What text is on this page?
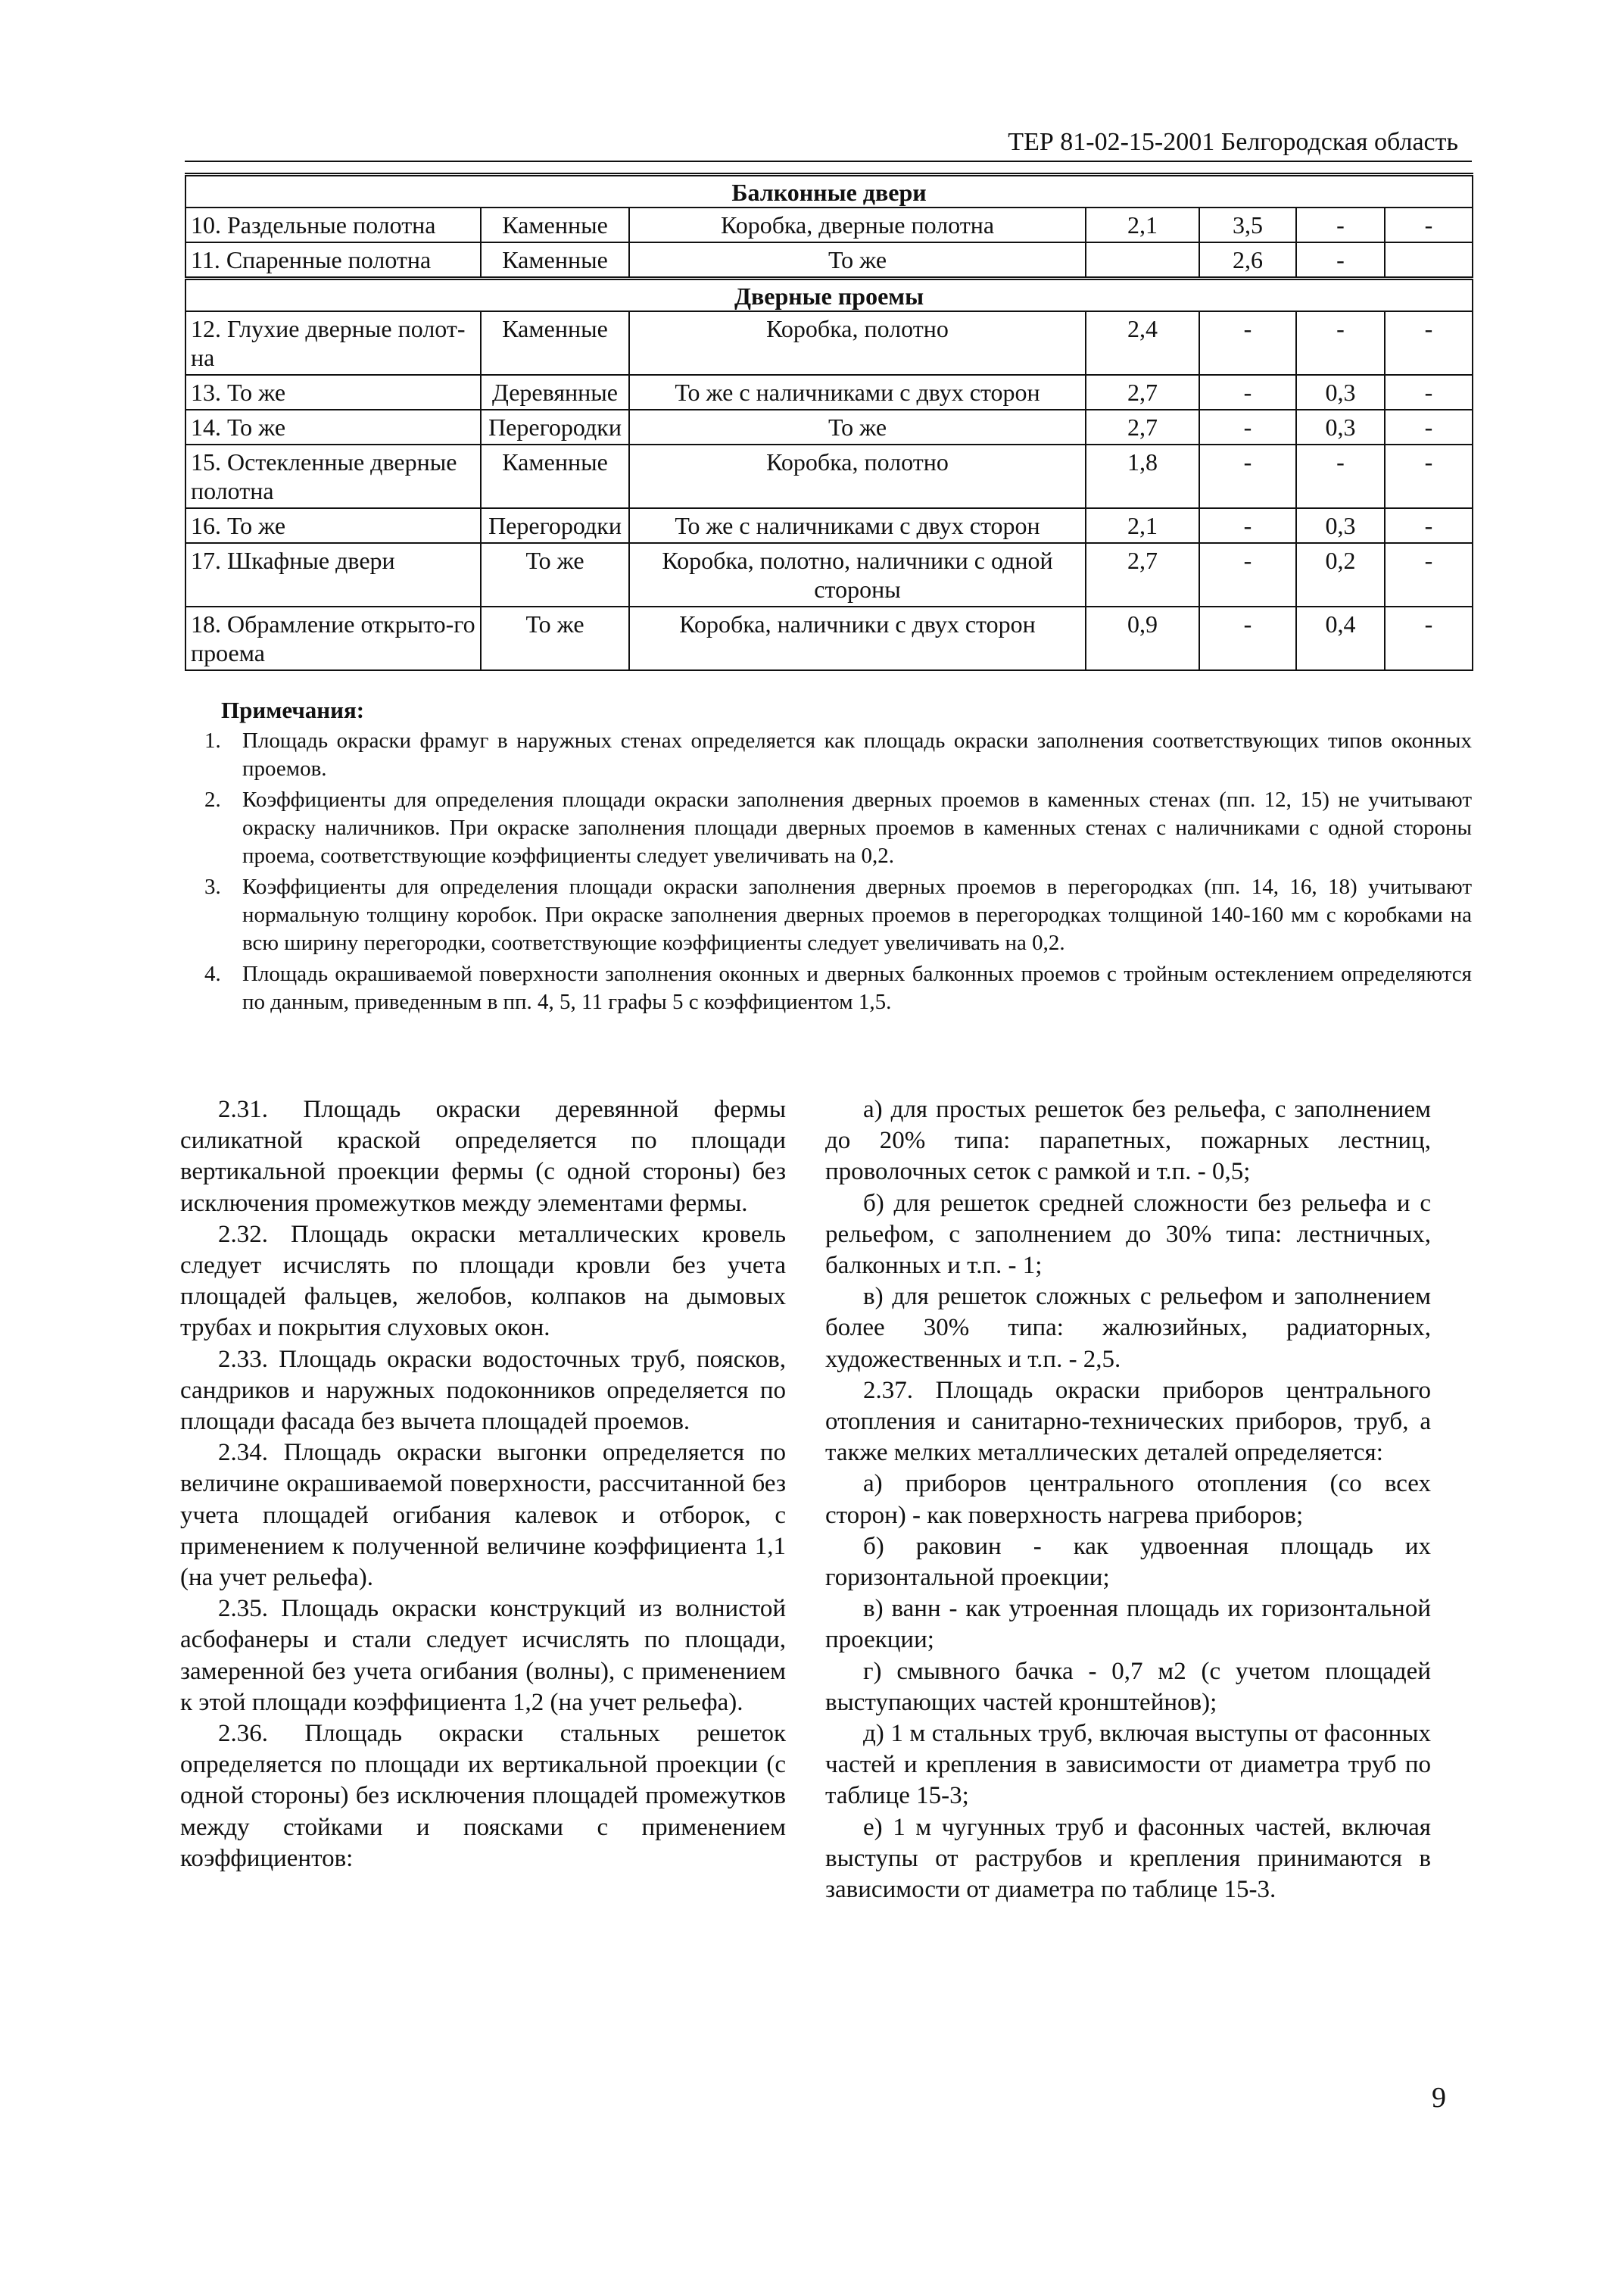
ТЕР 81-02-15-2001 Белгородская область
Балконные двери						
10. Раздельные полотна	Каменные	Коробка, дверные полотна	2,1	3,5	-	-
11. Спаренные полотна	Каменные	То же		2,6	-	
Дверные проемы						
12. Глухие дверные полот-на	Каменные	Коробка, полотно	2,4	-	-	-
13. То же	Деревянные	То же с наличниками с двух сторон	2,7	-	0,3	-
14. То же	Перегородки	То же	2,7	-	0,3	-
15. Остекленные дверные полотна	Каменные	Коробка, полотно	1,8	-	-	-
16. То же	Перегородки	То же с наличниками с двух сторон	2,1	-	0,3	-
17. Шкафные двери	То же	Коробка, полотно, наличники с одной стороны	2,7	-	0,2	-
18. Обрамление открыто-го проема	То же	Коробка, наличники с двух сторон	0,9	-	0,4	-
Примечания:
1. Площадь окраски фрамуг в наружных стенах определяется как площадь окраски заполнения соответствующих типов оконных проемов.
2. Коэффициенты для определения площади окраски заполнения дверных проемов в каменных стенах (пп. 12, 15) не учитывают окраску наличников. При окраске заполнения площади дверных проемов в каменных стенах с наличниками с одной стороны проема, соответствующие коэффициенты следует увеличивать на 0,2.
3. Коэффициенты для определения площади окраски заполнения дверных проемов в перегородках (пп. 14, 16, 18) учитывают нормальную толщину коробок. При окраске заполнения дверных проемов в перегородках толщиной 140-160 мм с коробками на всю ширину перегородки, соответствующие коэффициенты следует увеличивать на 0,2.
4. Площадь окрашиваемой поверхности заполнения оконных и дверных балконных проемов с тройным остеклением определяются по данным, приведенным в пп. 4, 5, 11 графы 5 с коэффициентом 1,5.

2.31. Площадь окраски деревянной фермы силикатной краской определяется по площади вертикальной проекции фермы (с одной стороны) без исключения промежутков между элементами фермы.

2.32. Площадь окраски металлических кровель следует исчислять по площади кровли без учета площадей фальцев, желобов, колпаков на дымовых трубах и покрытия слуховых окон.

2.33. Площадь окраски водосточных труб, поясков, сандриков и наружных подоконников определяется по площади фасада без вычета площадей проемов.

2.34. Площадь окраски выгонки определяется по величине окрашиваемой поверхности, рассчитанной без учета площадей огибания калевок и отборок, с применением к полученной величине коэффициента 1,1 (на учет рельефа).

2.35. Площадь окраски конструкций из волнистой асбофанеры и стали следует исчислять по площади, замеренной без учета огибания (волны), с применением к этой площади коэффициента 1,2 (на учет рельефа).

2.36. Площадь окраски стальных решеток определяется по площади их вертикальной проекции (с одной стороны) без исключения площадей промежутков между стойками и поясками с применением коэффициентов:

а) для простых решеток без рельефа, с заполнением до 20% типа: парапетных, пожарных лестниц, проволочных сеток с рамкой и т.п. - 0,5;

б) для решеток средней сложности без рельефа и с рельефом, с заполнением до 30% типа: лестничных, балконных и т.п. - 1;

в) для решеток сложных с рельефом и заполнением более 30% типа: жалюзийных, радиаторных, художественных и т.п. - 2,5.

2.37. Площадь окраски приборов центрального отопления и санитарно-технических приборов, труб, а также мелких металлических деталей определяется:

а) приборов центрального отопления (со всех сторон) - как поверхность нагрева приборов;

б) раковин - как удвоенная площадь их горизонтальной проекции;

в) ванн - как утроенная площадь их горизонтальной проекции;

г) смывного бачка - 0,7 м2 (с учетом площадей выступающих частей кронштейнов);

д) 1 м стальных труб, включая выступы от фасонных частей и крепления в зависимости от диаметра труб по таблице 15-3;

е) 1 м чугунных труб и фасонных частей, включая выступы от раструбов и крепления принимаются в зависимости от диаметра по таблице 15-3.

9
